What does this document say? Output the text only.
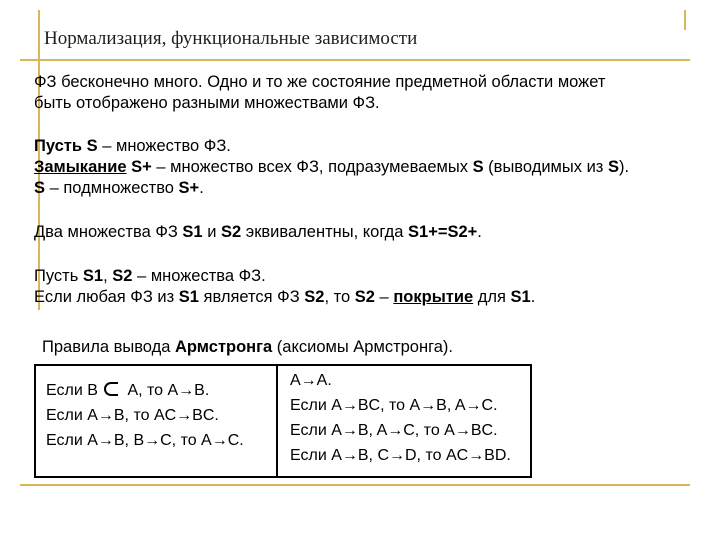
Нормализация, функциональные зависимости
ФЗ бесконечно много. Одно и то же состояние предметной области может
быть отображено разными множествами ФЗ.
Пусть S – множество ФЗ.
Замыкание S+ – множество всех ФЗ, подразумеваемых S (выводимых из S).
S – подмножество S+.
Два множества ФЗ S1 и S2 эквивалентны, когда S1+=S2+.
Пусть S1, S2 – множества ФЗ.
Если любая ФЗ из S1 является ФЗ S2, то S2 – покрытие для S1.
Правила вывода Армстронга (аксиомы Армстронга).
Если B A, то A→B.
Если A→B, то AC→BC.
Если A→B, B→C, то A→C.
A→A.
Если A→BC, то A→B, A→C.
Если A→B, A→C, то A→BC.
Если A→B, C→D, то AC→BD.
